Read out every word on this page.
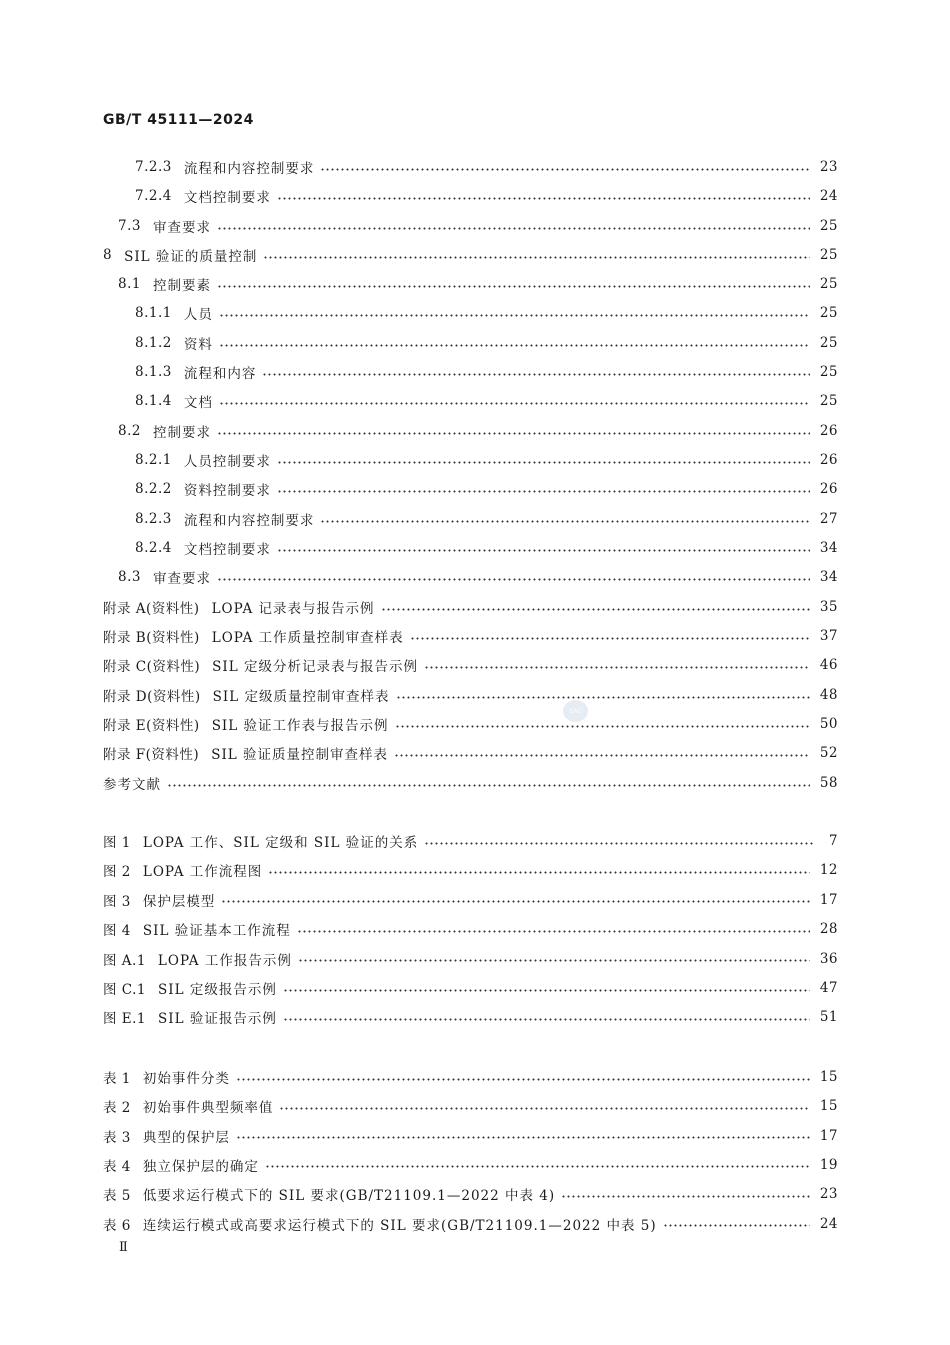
GB/T 45111—2024
SAC
7.2.3 流程和内容控制要求	23
7.2.4 文档控制要求	24
7.3 审查要求	25
8 SIL 验证的质量控制	25
8.1 控制要素	25
8.1.1 人员	25
8.1.2 资料	25
8.1.3 流程和内容	25
8.1.4 文档	25
8.2 控制要求	26
8.2.1 人员控制要求	26
8.2.2 资料控制要求	26
8.2.3 流程和内容控制要求	27
8.2.4 文档控制要求	34
8.3 审查要求	34
附录 A(资料性) LOPA 记录表与报告示例	35
附录 B(资料性) LOPA 工作质量控制审查样表	37
附录 C(资料性) SIL 定级分析记录表与报告示例	46
附录 D(资料性) SIL 定级质量控制审查样表	48
附录 E(资料性) SIL 验证工作表与报告示例	50
附录 F(资料性) SIL 验证质量控制审查样表	52
参考文献	58
图 1 LOPA 工作、SIL 定级和 SIL 验证的关系	7
图 2 LOPA 工作流程图	12
图 3 保护层模型	17
图 4 SIL 验证基本工作流程	28
图 A.1 LOPA 工作报告示例	36
图 C.1 SIL 定级报告示例	47
图 E.1 SIL 验证报告示例	51
表 1 初始事件分类	15
表 2 初始事件典型频率值	15
表 3 典型的保护层	17
表 4 独立保护层的确定	19
表 5 低要求运行模式下的 SIL 要求(GB/T21109.1—2022 中表 4)	23
表 6 连续运行模式或高要求运行模式下的 SIL 要求(GB/T21109.1—2022 中表 5)	24
Ⅱ
